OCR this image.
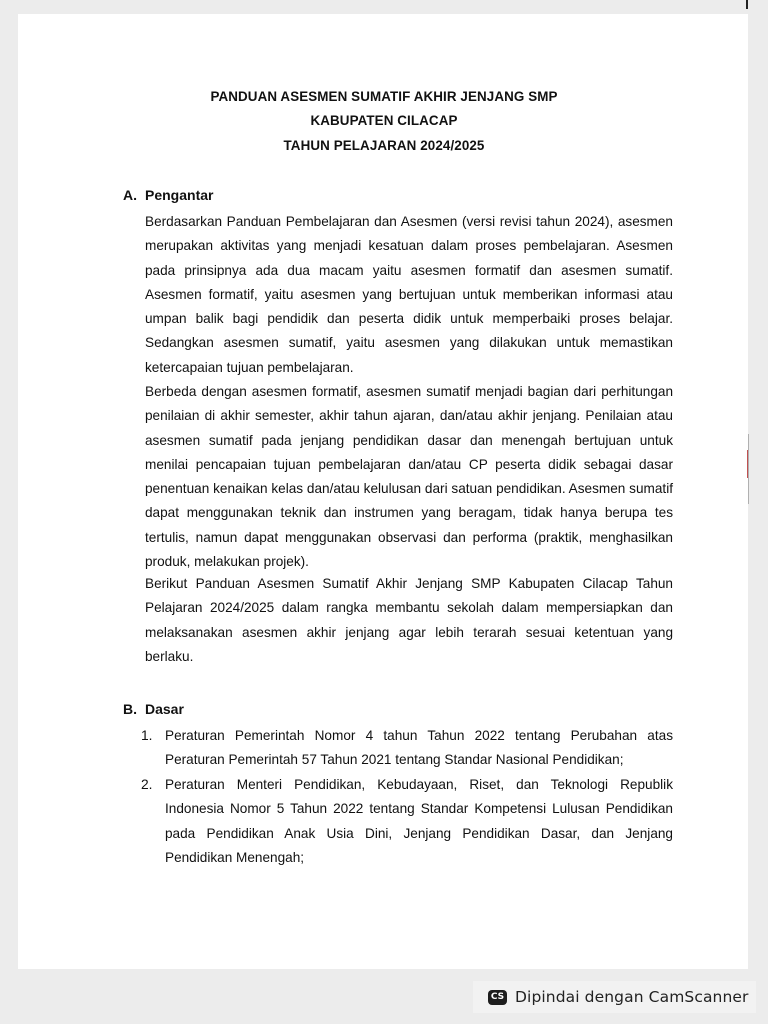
PANDUAN ASESMEN SUMATIF AKHIR JENJANG SMP
KABUPATEN CILACAP
TAHUN PELAJARAN 2024/2025
A. Pengantar

Berdasarkan Panduan Pembelajaran dan Asesmen (versi revisi tahun 2024), asesmen merupakan aktivitas yang menjadi kesatuan dalam proses pembelajaran. Asesmen pada prinsipnya ada dua macam yaitu asesmen formatif dan asesmen sumatif. Asesmen formatif, yaitu asesmen yang bertujuan untuk memberikan informasi atau umpan balik bagi pendidik dan peserta didik untuk memperbaiki proses belajar. Sedangkan asesmen sumatif, yaitu asesmen yang dilakukan untuk memastikan ketercapaian tujuan pembelajaran.

Berbeda dengan asesmen formatif, asesmen sumatif menjadi bagian dari perhitungan penilaian di akhir semester, akhir tahun ajaran, dan/atau akhir jenjang. Penilaian atau asesmen sumatif pada jenjang pendidikan dasar dan menengah bertujuan untuk menilai pencapaian tujuan pembelajaran dan/atau CP peserta didik sebagai dasar penentuan kenaikan kelas dan/atau kelulusan dari satuan pendidikan. Asesmen sumatif dapat menggunakan teknik dan instrumen yang beragam, tidak hanya berupa tes tertulis, namun dapat menggunakan observasi dan performa (praktik, menghasilkan produk, melakukan projek).

Berikut Panduan Asesmen Sumatif Akhir Jenjang SMP Kabupaten Cilacap Tahun Pelajaran 2024/2025 dalam rangka membantu sekolah dalam mempersiapkan dan melaksanakan asesmen akhir jenjang agar lebih terarah sesuai ketentuan yang berlaku.

B. Dasar
1. Peraturan Pemerintah Nomor 4 tahun Tahun 2022 tentang Perubahan atas Peraturan Pemerintah 57 Tahun 2021 tentang Standar Nasional Pendidikan;

2. Peraturan Menteri Pendidikan, Kebudayaan, Riset, dan Teknologi Republik Indonesia Nomor 5 Tahun 2022 tentang Standar Kompetensi Lulusan Pendidikan pada Pendidikan Anak Usia Dini, Jenjang Pendidikan Dasar, dan Jenjang Pendidikan Menengah;

CS Dipindai dengan CamScanner
